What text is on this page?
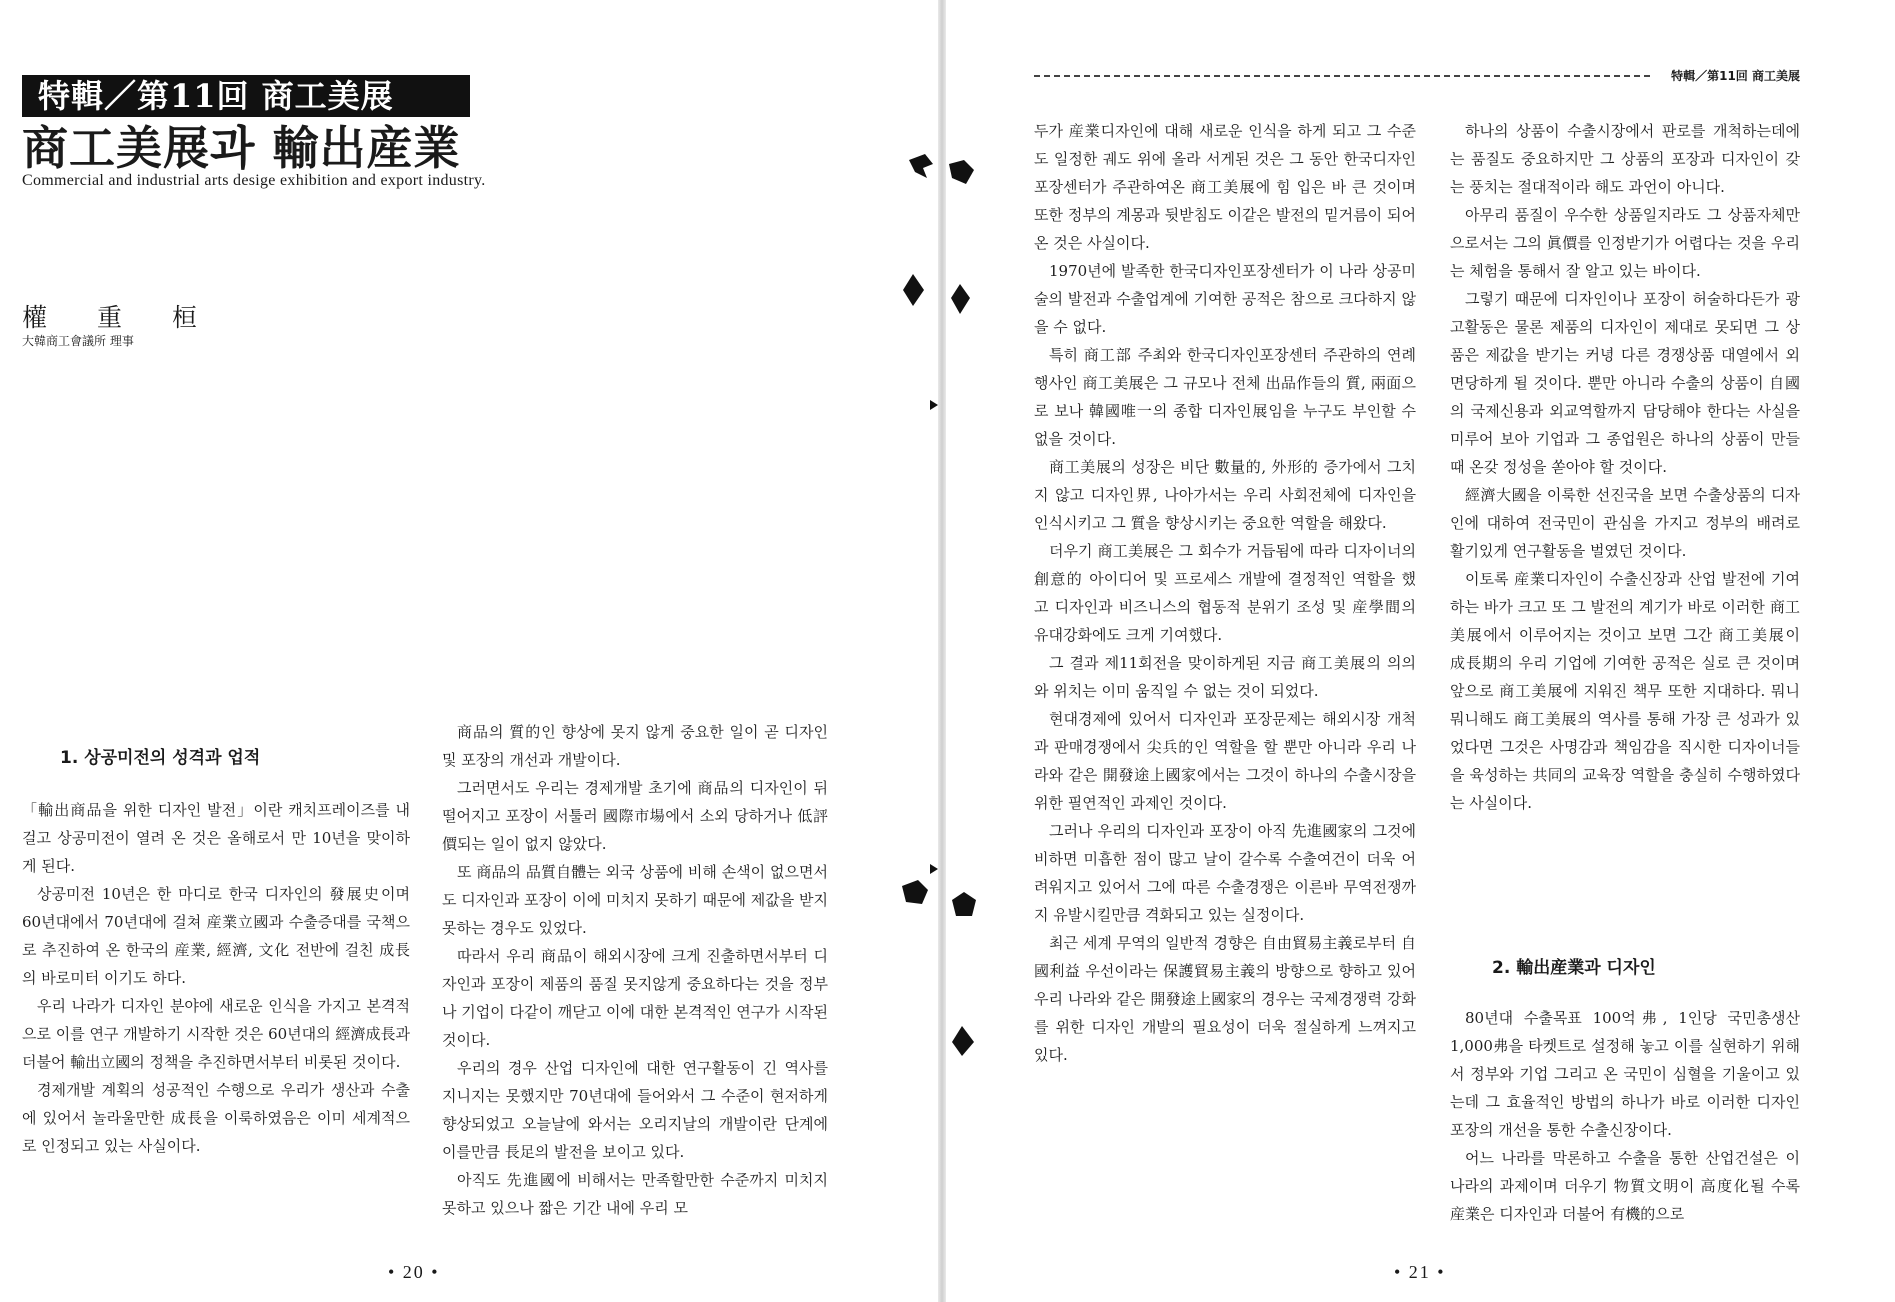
特輯／第11回 商工美展
商工美展과 輸出産業
Commercial and industrial arts desige exhibition and export industry.
權重桓
大韓商工會議所 理事
1. 상공미전의 성격과 업적

「輸出商品을 위한 디자인 발전」이란 캐치프레이즈를 내걸고 상공미전이 열려 온 것은 올해로서 만 10년을 맞이하게 된다.

상공미전 10년은 한 마디로 한국 디자인의 發展史이며 60년대에서 70년대에 걸쳐 産業立國과 수출증대를 국책으로 추진하여 온 한국의 産業, 經濟, 文化 전반에 걸친 成長의 바로미터 이기도 하다.

우리 나라가 디자인 분야에 새로운 인식을 가지고 본격적으로 이를 연구 개발하기 시작한 것은 60년대의 經濟成長과 더불어 輸出立國의 정책을 추진하면서부터 비롯된 것이다.

경제개발 계획의 성공적인 수행으로 우리가 생산과 수출에 있어서 놀라울만한 成長을 이룩하였음은 이미 세계적으로 인정되고 있는 사실이다.

商品의 質的인 향상에 못지 않게 중요한 일이 곧 디자인 및 포장의 개선과 개발이다.

그러면서도 우리는 경제개발 초기에 商品의 디자인이 뒤떨어지고 포장이 서툴러 國際市場에서 소외 당하거나 低評價되는 일이 없지 않았다.

또 商品의 品質自體는 외국 상품에 비해 손색이 없으면서도 디자인과 포장이 이에 미치지 못하기 때문에 제값을 받지 못하는 경우도 있었다.

따라서 우리 商品이 해외시장에 크게 진출하면서부터 디자인과 포장이 제품의 품질 못지않게 중요하다는 것을 정부나 기업이 다같이 깨닫고 이에 대한 본격적인 연구가 시작된 것이다.

우리의 경우 산업 디자인에 대한 연구활동이 긴 역사를 지니지는 못했지만 70년대에 들어와서 그 수준이 현저하게 향상되었고 오늘날에 와서는 오리지날의 개발이란 단계에 이를만큼 長足의 발전을 보이고 있다.

아직도 先進國에 비해서는 만족할만한 수준까지 미치지 못하고 있으나 짧은 기간 내에 우리 모

• 20 •
特輯／第11回 商工美展

두가 産業디자인에 대해 새로운 인식을 하게 되고 그 수준도 일정한 궤도 위에 올라 서게된 것은 그 동안 한국디자인포장센터가 주관하여온 商工美展에 힘 입은 바 큰 것이며 또한 정부의 계몽과 뒷받침도 이같은 발전의 밑거름이 되어 온 것은 사실이다.

1970년에 발족한 한국디자인포장센터가 이 나라 상공미술의 발전과 수출업계에 기여한 공적은 참으로 크다하지 않을 수 없다.

특히 商工部 주최와 한국디자인포장센터 주관하의 연례행사인 商工美展은 그 규모나 전체 出品作들의 質, 兩面으로 보나 韓國唯一의 종합 디자인展임을 누구도 부인할 수 없을 것이다.

商工美展의 성장은 비단 數量的, 外形的 증가에서 그치지 않고 디자인界, 나아가서는 우리 사회전체에 디자인을 인식시키고 그 質을 향상시키는 중요한 역할을 해왔다.

더우기 商工美展은 그 회수가 거듭됨에 따라 디자이너의 創意的 아이디어 및 프로세스 개발에 결정적인 역할을 했고 디자인과 비즈니스의 협동적 분위기 조성 및 産學間의 유대강화에도 크게 기여했다.

그 결과 제11회전을 맞이하게된 지금 商工美展의 의의와 위치는 이미 움직일 수 없는 것이 되었다.

현대경제에 있어서 디자인과 포장문제는 해외시장 개척과 판매경쟁에서 尖兵的인 역할을 할 뿐만 아니라 우리 나라와 같은 開發途上國家에서는 그것이 하나의 수출시장을 위한 필연적인 과제인 것이다.

그러나 우리의 디자인과 포장이 아직 先進國家의 그것에 비하면 미흡한 점이 많고 날이 갈수록 수출여건이 더욱 어려워지고 있어서 그에 따른 수출경쟁은 이른바 무역전쟁까지 유발시킬만큼 격화되고 있는 실정이다.

최근 세계 무역의 일반적 경향은 自由貿易主義로부터 自國利益 우선이라는 保護貿易主義의 방향으로 향하고 있어 우리 나라와 같은 開發途上國家의 경우는 국제경쟁력 강화를 위한 디자인 개발의 필요성이 더욱 절실하게 느껴지고 있다.

하나의 상품이 수출시장에서 판로를 개척하는데에는 품질도 중요하지만 그 상품의 포장과 디자인이 갖는 풍치는 절대적이라 해도 과언이 아니다.

아무리 품질이 우수한 상품일지라도 그 상품자체만으로서는 그의 眞價를 인정받기가 어렵다는 것을 우리는 체험을 통해서 잘 알고 있는 바이다.

그렇기 때문에 디자인이나 포장이 허술하다든가 광고활동은 물론 제품의 디자인이 제대로 못되면 그 상품은 제값을 받기는 커녕 다른 경쟁상품 대열에서 외면당하게 될 것이다. 뿐만 아니라 수출의 상품이 自國의 국제신용과 외교역할까지 담당해야 한다는 사실을 미루어 보아 기업과 그 종업원은 하나의 상품이 만들 때 온갖 정성을 쏟아야 할 것이다.

經濟大國을 이룩한 선진국을 보면 수출상품의 디자인에 대하여 전국민이 관심을 가지고 정부의 배려로 활기있게 연구활동을 벌였던 것이다.

이토록 産業디자인이 수출신장과 산업 발전에 기여하는 바가 크고 또 그 발전의 계기가 바로 이러한 商工美展에서 이루어지는 것이고 보면 그간 商工美展이 成長期의 우리 기업에 기여한 공적은 실로 큰 것이며 앞으로 商工美展에 지워진 책무 또한 지대하다. 뭐니뭐니해도 商工美展의 역사를 통해 가장 큰 성과가 있었다면 그것은 사명감과 책임감을 직시한 디자이너들을 육성하는 共同의 교육장 역할을 충실히 수행하였다는 사실이다.

2. 輸出産業과 디자인

80년대 수출목표 100억弗, 1인당 국민총생산 1,000弗을 타켓트로 설정해 놓고 이를 실현하기 위해서 정부와 기업 그리고 온 국민이 심혈을 기울이고 있는데 그 효율적인 방법의 하나가 바로 이러한 디자인 포장의 개선을 통한 수출신장이다.

어느 나라를 막론하고 수출을 통한 산업건설은 이 나라의 과제이며 더우기 物質文明이 高度化될 수록 産業은 디자인과 더불어 有機的으로

• 21 •
